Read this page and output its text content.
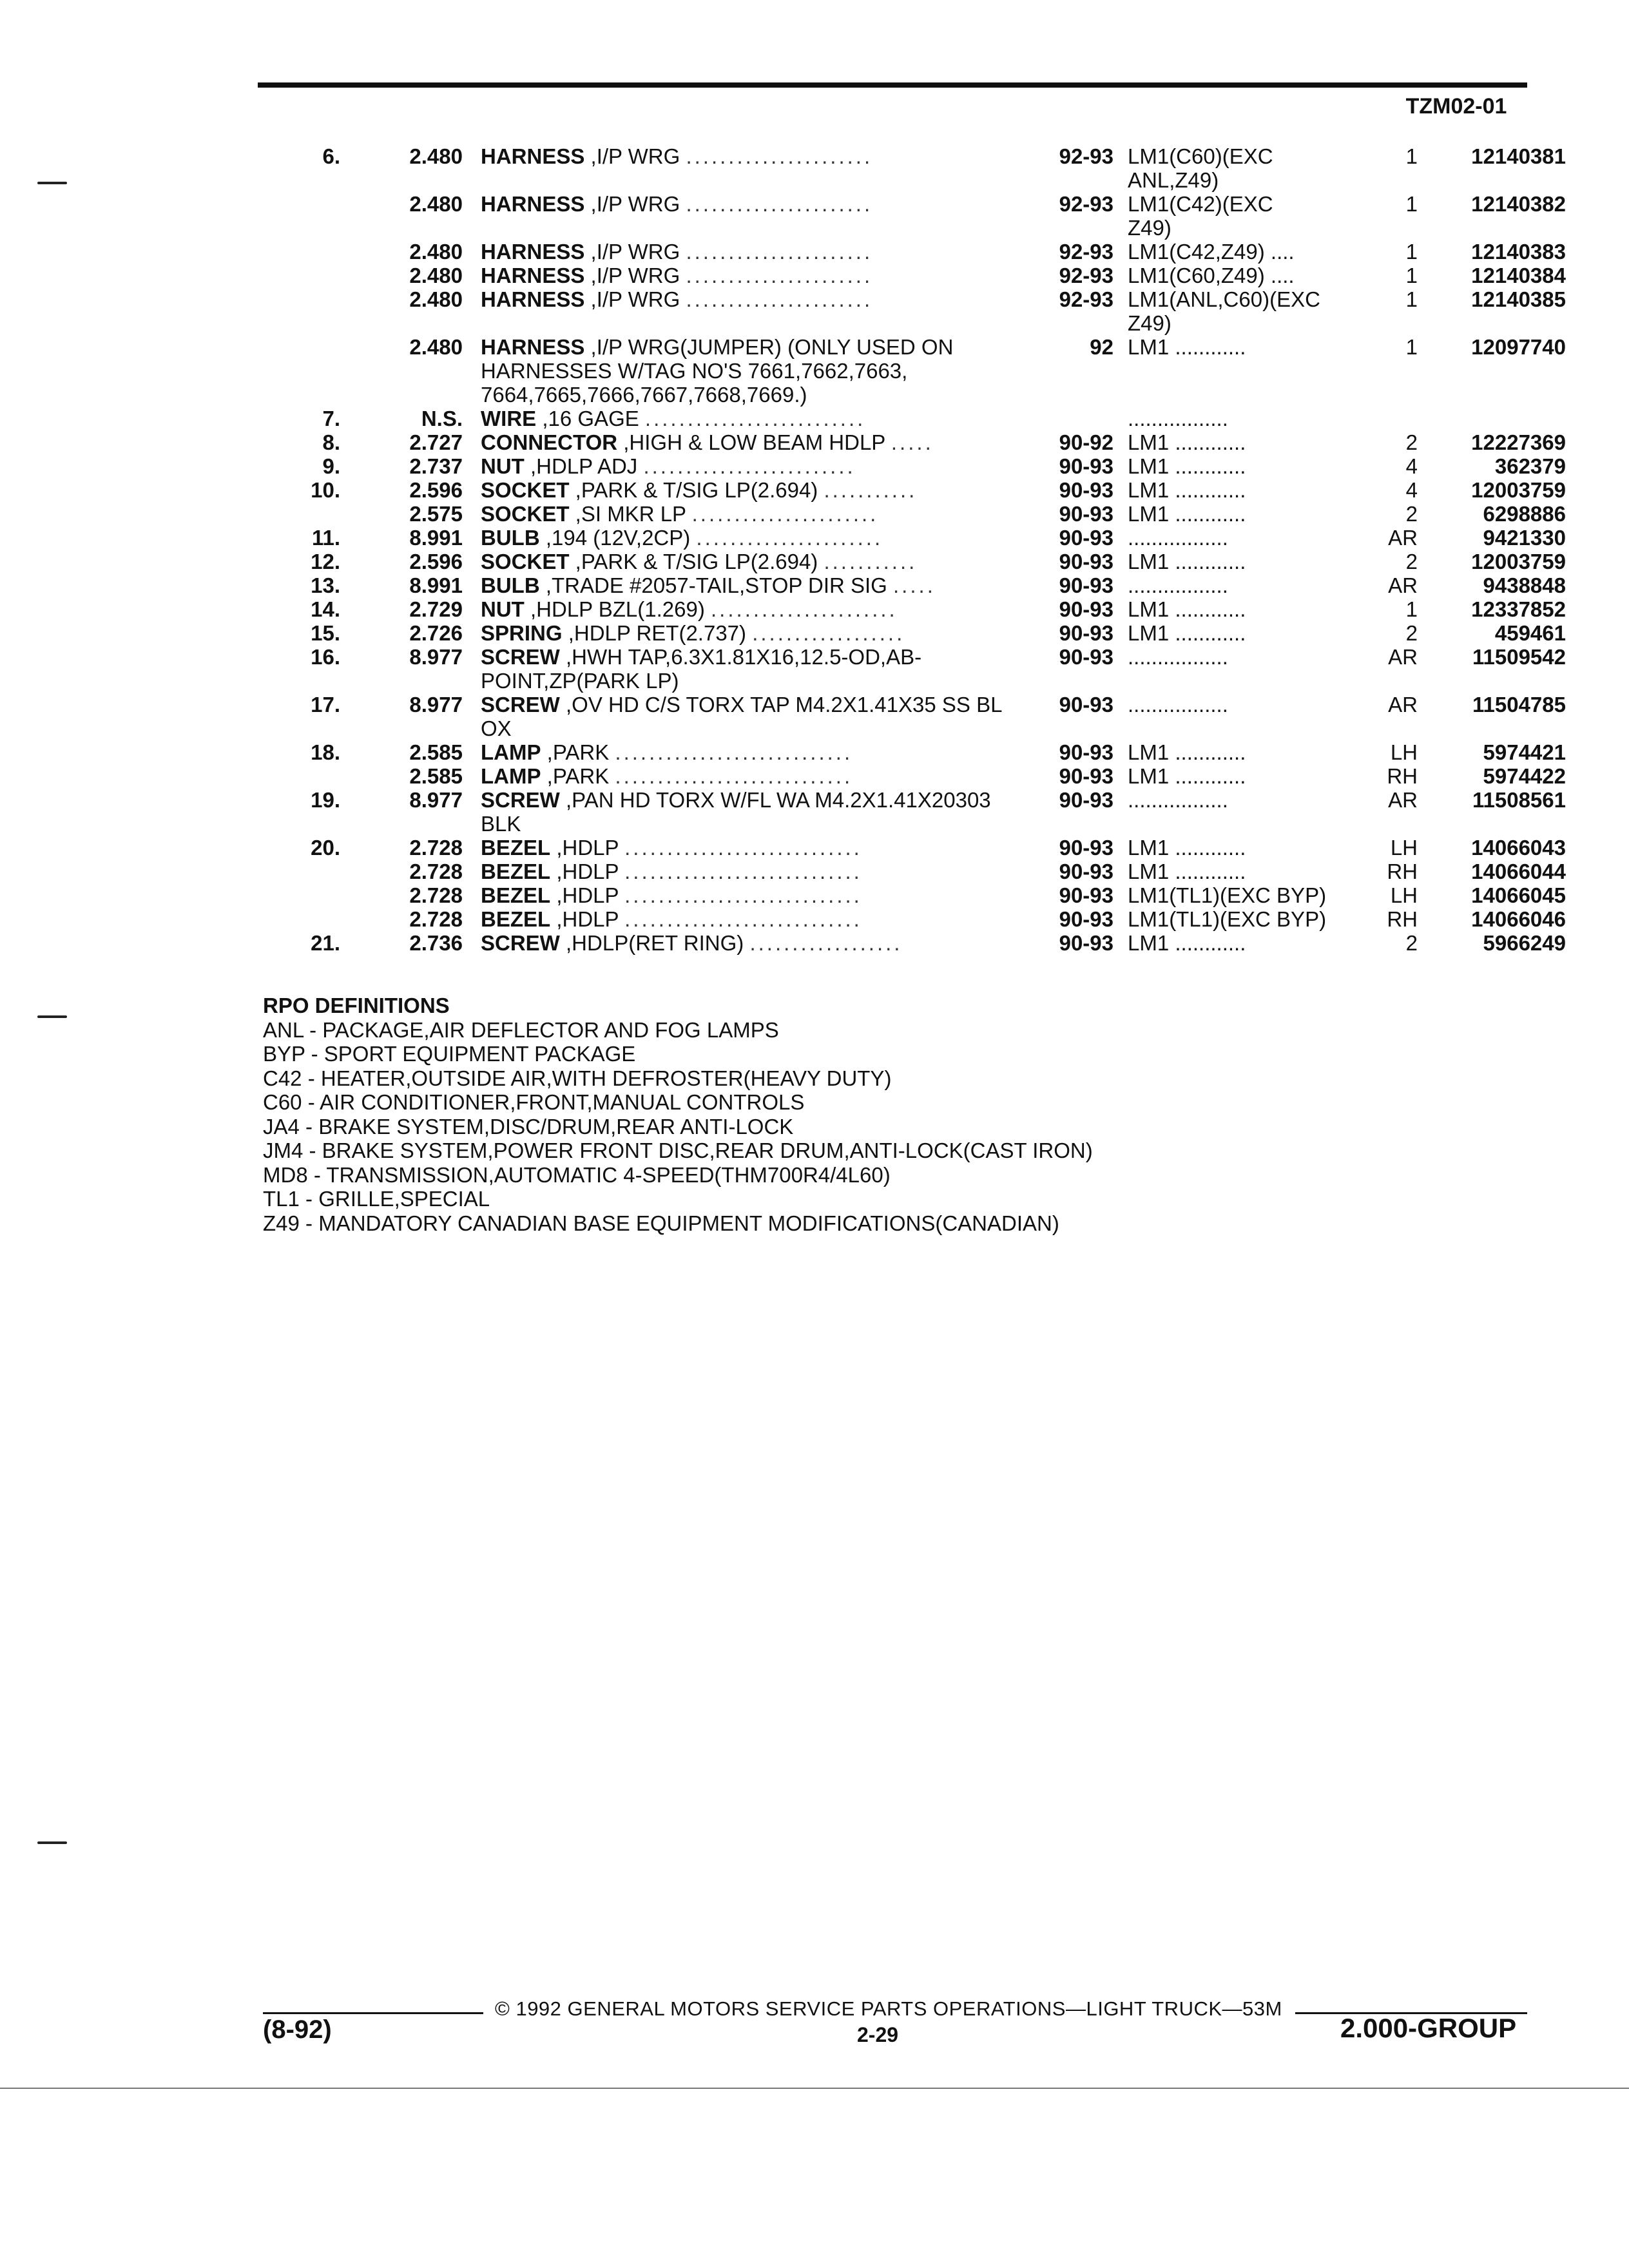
TZM02-01
6.	2.480 HARNESS ,I/P WRG ......................	92-93 LM1(C60)(EXC
ANL,Z49)
1	12140381
2.480 HARNESS ,I/P WRG ......................	92-93 LM1(C42)(EXC
Z49)
1	12140382
2.480 HARNESS ,I/P WRG ......................	92-93 LM1(C42,Z49) ....	1	12140383
2.480 HARNESS ,I/P WRG ......................	92-93 LM1(C60,Z49) ....	1	12140384
2.480 HARNESS ,I/P WRG ......................	92-93 LM1(ANL,C60)(EXC
Z49)
1	12140385
2.480 HARNESS ,I/P WRG(JUMPER) (ONLY USED ON HARNESSES W/TAG NO'S 7661,7662,7663, 7664,7665,7666,7667,7668,7669.)
92 LM1 ............	1	12097740
7.	N.S. WIRE ,16 GAGE ..........................	.................
8.	2.727 CONNECTOR ,HIGH & LOW BEAM HDLP .....	90-92 LM1 ............	2	12227369
9.	2.737 NUT ,HDLP ADJ .........................	90-93 LM1 ............	4	362379
10.	2.596 SOCKET ,PARK & T/SIG LP(2.694) ...........	90-93 LM1 ............	4	12003759
2.575 SOCKET ,SI MKR LP ......................	90-93 LM1 ............	2	6298886
11.	8.991 BULB ,194 (12V,2CP) ......................	90-93 .................	AR	9421330
12.	2.596 SOCKET ,PARK & T/SIG LP(2.694) ...........	90-93 LM1 ............	2	12003759
13.	8.991 BULB ,TRADE #2057-TAIL,STOP DIR SIG .....	90-93 .................	AR	9438848
14.	2.729 NUT ,HDLP BZL(1.269) ......................	90-93 LM1 ............	1	12337852
15.	2.726 SPRING ,HDLP RET(2.737) ..................	90-93 LM1 ............	2	459461
16.	8.977 SCREW ,HWH TAP,6.3X1.81X16,12.5-OD,AB-POINT,ZP(PARK LP)
90-93 .................	AR	11509542
17.	8.977 SCREW ,OV HD C/S TORX TAP M4.2X1.41X35 SS BL OX
90-93 .................	AR	11504785
18.	2.585 LAMP ,PARK ............................	90-93 LM1 ............	LH	5974421
2.585 LAMP ,PARK ............................	90-93 LM1 ............	RH	5974422
19.	8.977 SCREW ,PAN HD TORX W/FL WA M4.2X1.41X20303 BLK
90-93 .................	AR	11508561
20.	2.728 BEZEL ,HDLP ............................	90-93 LM1 ............	LH	14066043
2.728 BEZEL ,HDLP ............................	90-93 LM1 ............	RH	14066044
2.728 BEZEL ,HDLP ............................	90-93 LM1(TL1)(EXC BYP)	LH	14066045
2.728 BEZEL ,HDLP ............................	90-93 LM1(TL1)(EXC BYP)	RH	14066046
21.	2.736 SCREW ,HDLP(RET RING) ..................	90-93 LM1 ............	2	5966249
RPO DEFINITIONS
ANL - PACKAGE,AIR DEFLECTOR AND FOG LAMPS
BYP - SPORT EQUIPMENT PACKAGE
C42 - HEATER,OUTSIDE AIR,WITH DEFROSTER(HEAVY DUTY)
C60 - AIR CONDITIONER,FRONT,MANUAL CONTROLS
JA4 - BRAKE SYSTEM,DISC/DRUM,REAR ANTI-LOCK
JM4 - BRAKE SYSTEM,POWER FRONT DISC,REAR DRUM,ANTI-LOCK(CAST IRON)
MD8 - TRANSMISSION,AUTOMATIC 4-SPEED(THM700R4/4L60)
TL1 - GRILLE,SPECIAL
Z49 - MANDATORY CANADIAN BASE EQUIPMENT MODIFICATIONS(CANADIAN)
© 1992 GENERAL MOTORS SERVICE PARTS OPERATIONS—LIGHT TRUCK—53M
(8-92)	2-29	2.000-GROUP
